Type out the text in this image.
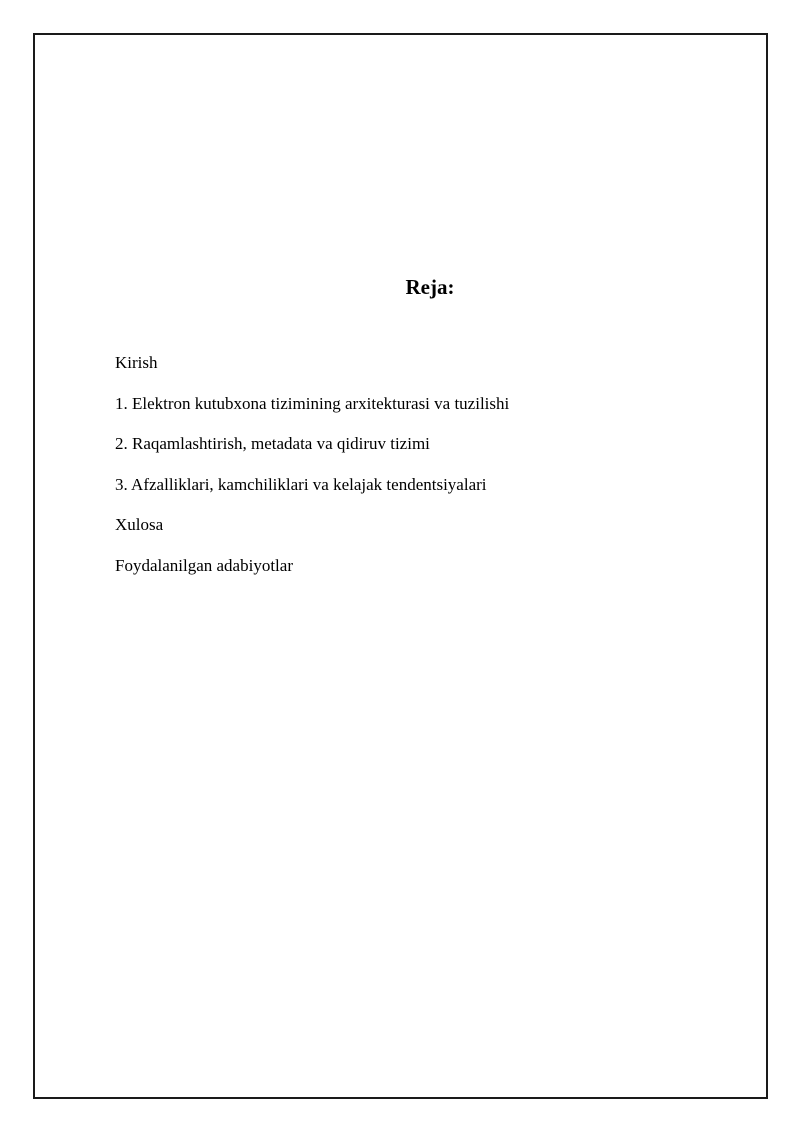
Reja:
Kirish
1. Elektron kutubxona tizimining arxitekturasi va tuzilishi
2. Raqamlashtirish, metadata va qidiruv tizimi
3. Afzalliklari, kamchiliklari va kelajak tendentsiyalari
Xulosa
Foydalanilgan adabiyotlar
